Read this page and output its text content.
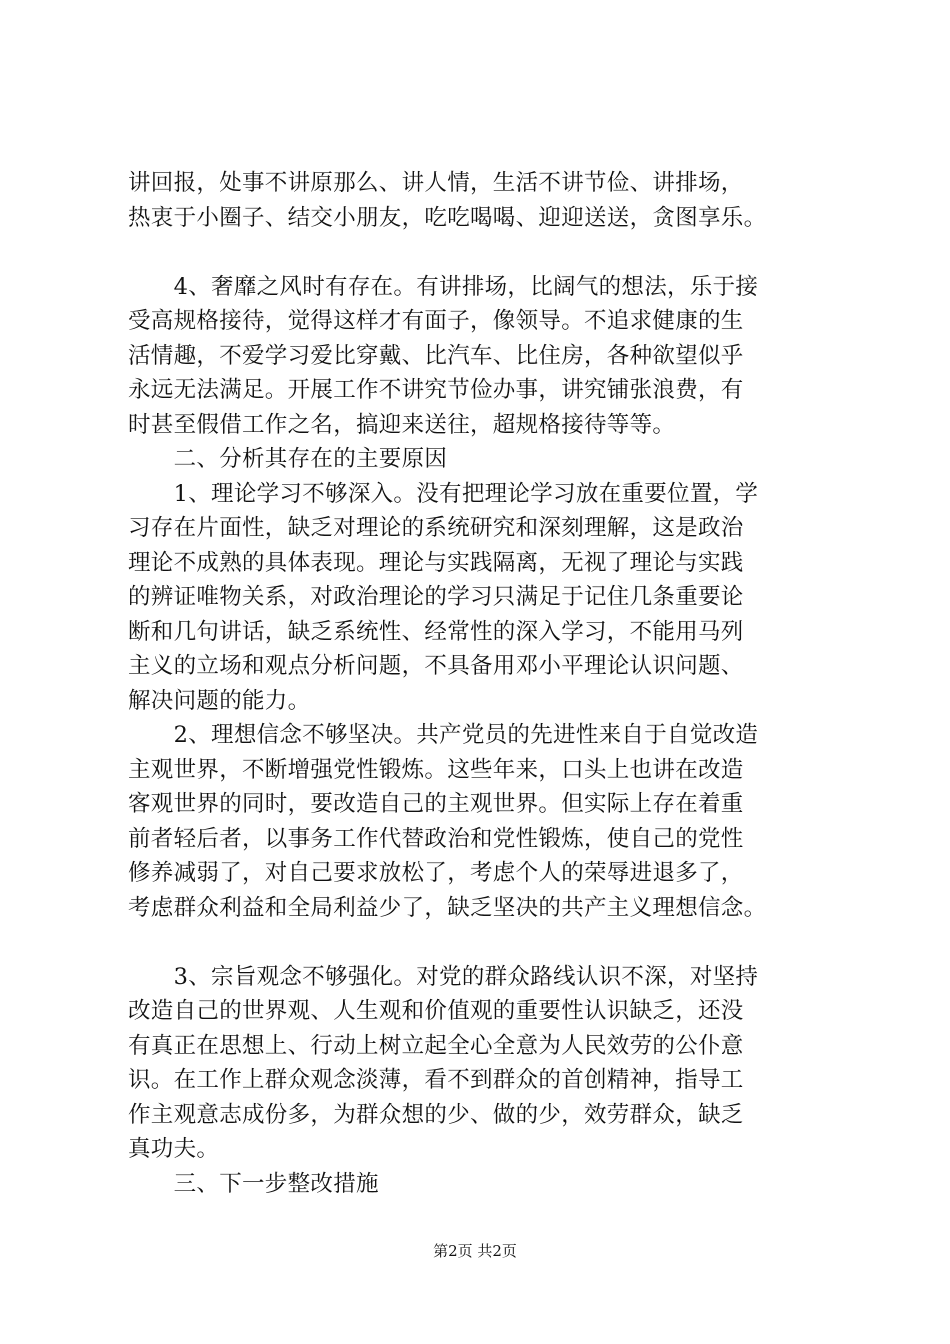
讲回报，处事不讲原那么、讲人情，生活不讲节俭、讲排场，
热衷于小圈子、结交小朋友，吃吃喝喝、迎迎送送，贪图享乐。
　　4、奢靡之风时有存在。有讲排场，比阔气的想法，乐于接
受高规格接待，觉得这样才有面子，像领导。不追求健康的生
活情趣，不爱学习爱比穿戴、比汽车、比住房，各种欲望似乎
永远无法满足。开展工作不讲究节俭办事，讲究铺张浪费，有
时甚至假借工作之名，搞迎来送往，超规格接待等等。
　　二、分析其存在的主要原因
　　1、理论学习不够深入。没有把理论学习放在重要位置，学
习存在片面性，缺乏对理论的系统研究和深刻理解，这是政治
理论不成熟的具体表现。理论与实践隔离，无视了理论与实践
的辨证唯物关系，对政治理论的学习只满足于记住几条重要论
断和几句讲话，缺乏系统性、经常性的深入学习，不能用马列
主义的立场和观点分析问题，不具备用邓小平理论认识问题、
解决问题的能力。
　　2、理想信念不够坚决。共产党员的先进性来自于自觉改造
主观世界，不断增强党性锻炼。这些年来，口头上也讲在改造
客观世界的同时，要改造自己的主观世界。但实际上存在着重
前者轻后者，以事务工作代替政治和党性锻炼，使自己的党性
修养减弱了，对自己要求放松了，考虑个人的荣辱进退多了，
考虑群众利益和全局利益少了，缺乏坚决的共产主义理想信念。
　　3、宗旨观念不够强化。对党的群众路线认识不深，对坚持
改造自己的世界观、人生观和价值观的重要性认识缺乏，还没
有真正在思想上、行动上树立起全心全意为人民效劳的公仆意
识。在工作上群众观念淡薄，看不到群众的首创精神，指导工
作主观意志成份多，为群众想的少、做的少，效劳群众，缺乏
真功夫。
　　三、下一步整改措施
第2页 共2页
